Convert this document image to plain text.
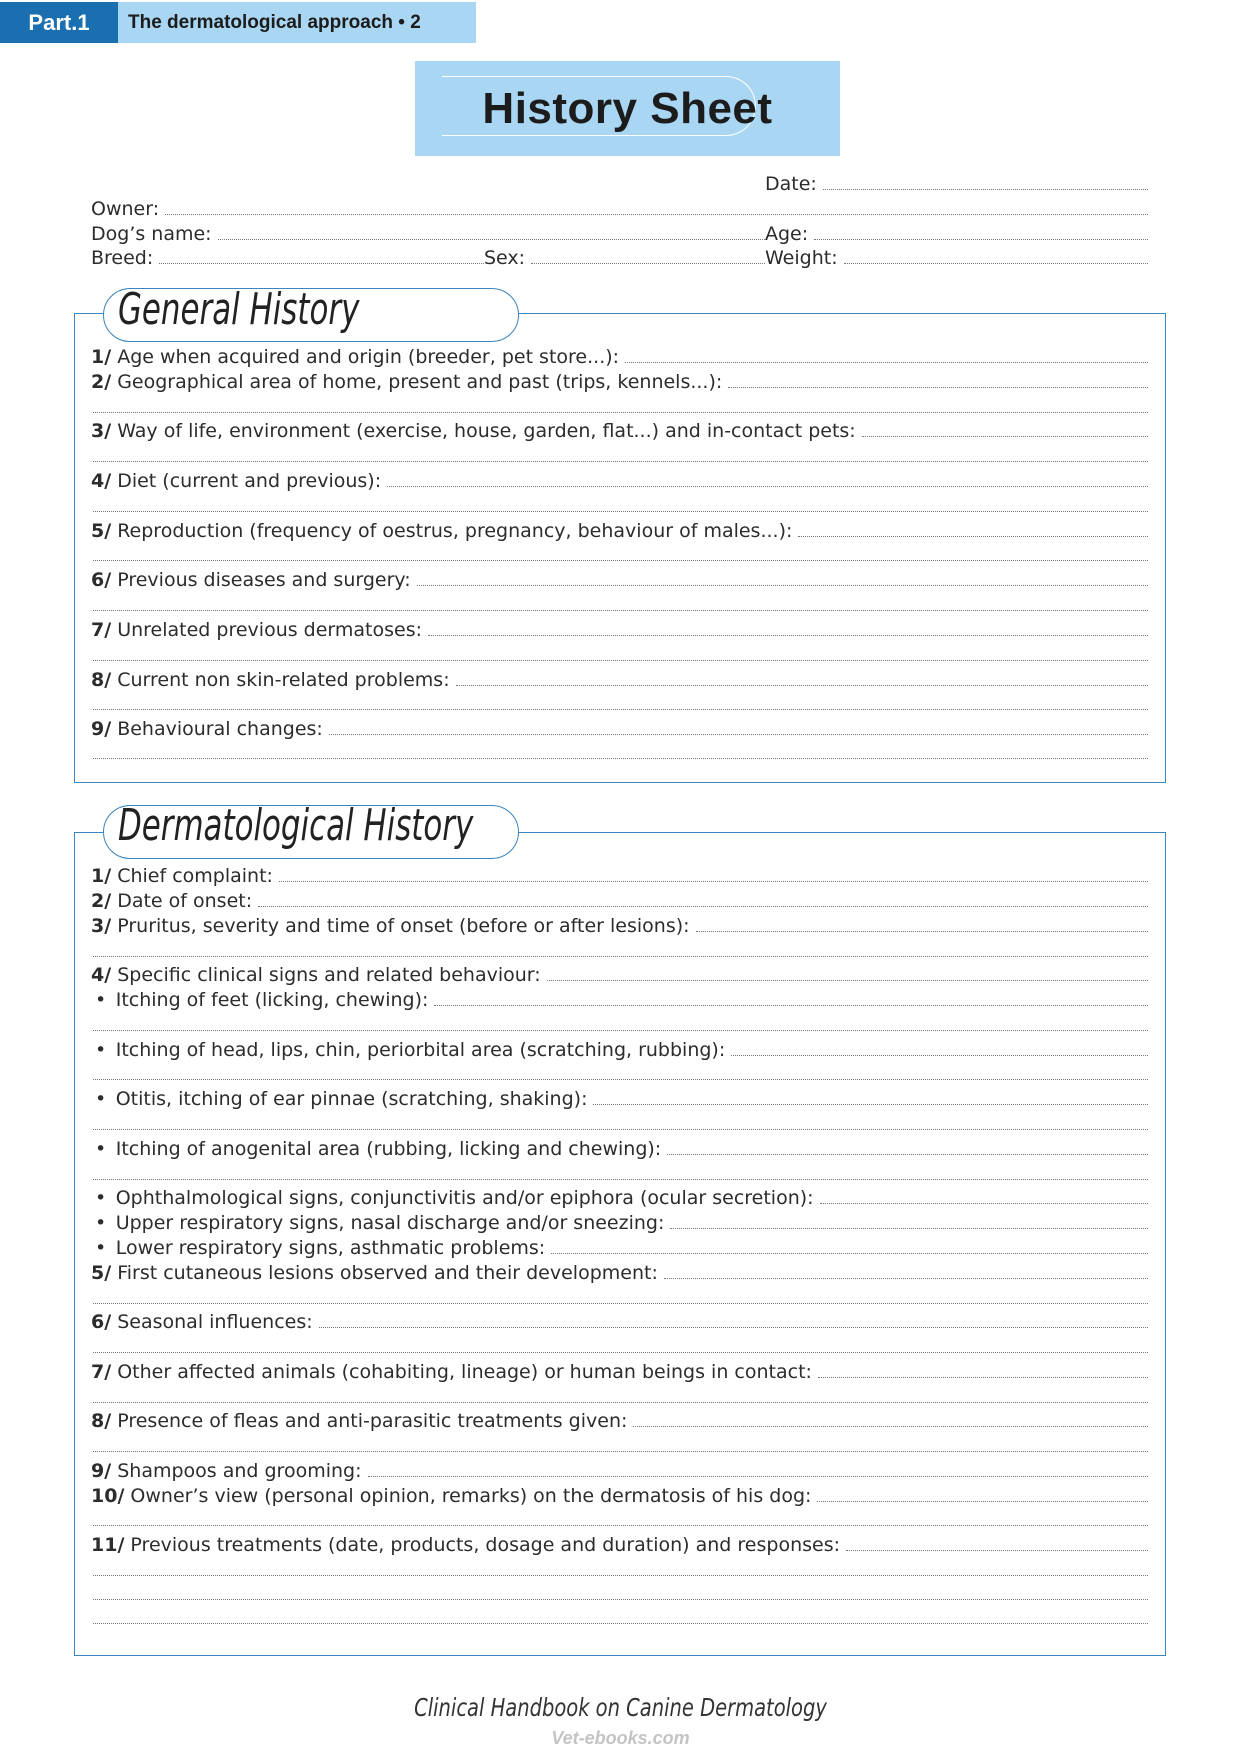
Part.1	The dermatological approach • 2
History Sheet
Date:
Owner:
Dog’s name:	Age:
Breed:	Sex:	Weight:
General History
1/ Age when acquired and origin (breeder, pet store...):
2/ Geographical area of home, present and past (trips, kennels...):
3/ Way of life, environment (exercise, house, garden, flat...) and in-contact pets:
4/ Diet (current and previous):
5/ Reproduction (frequency of oestrus, pregnancy, behaviour of males...):
6/ Previous diseases and surgery:
7/ Unrelated previous dermatoses:
8/ Current non skin-related problems:
9/ Behavioural changes:
Dermatological History
1/ Chief complaint:
2/ Date of onset:
3/ Pruritus, severity and time of onset (before or after lesions):
4/ Specific clinical signs and related behaviour:
• Itching of feet (licking, chewing):
• Itching of head, lips, chin, periorbital area (scratching, rubbing):
• Otitis, itching of ear pinnae (scratching, shaking):
• Itching of anogenital area (rubbing, licking and chewing):
• Ophthalmological signs, conjunctivitis and/or epiphora (ocular secretion):
• Upper respiratory signs, nasal discharge and/or sneezing:
• Lower respiratory signs, asthmatic problems:
5/ First cutaneous lesions observed and their development:
6/ Seasonal influences:
7/ Other affected animals (cohabiting, lineage) or human beings in contact:
8/ Presence of fleas and anti-parasitic treatments given:
9/ Shampoos and grooming:
10/ Owner’s view (personal opinion, remarks) on the dermatosis of his dog:
11/ Previous treatments (date, products, dosage and duration) and responses:
Clinical Handbook on Canine Dermatology
Vet-ebooks.com
